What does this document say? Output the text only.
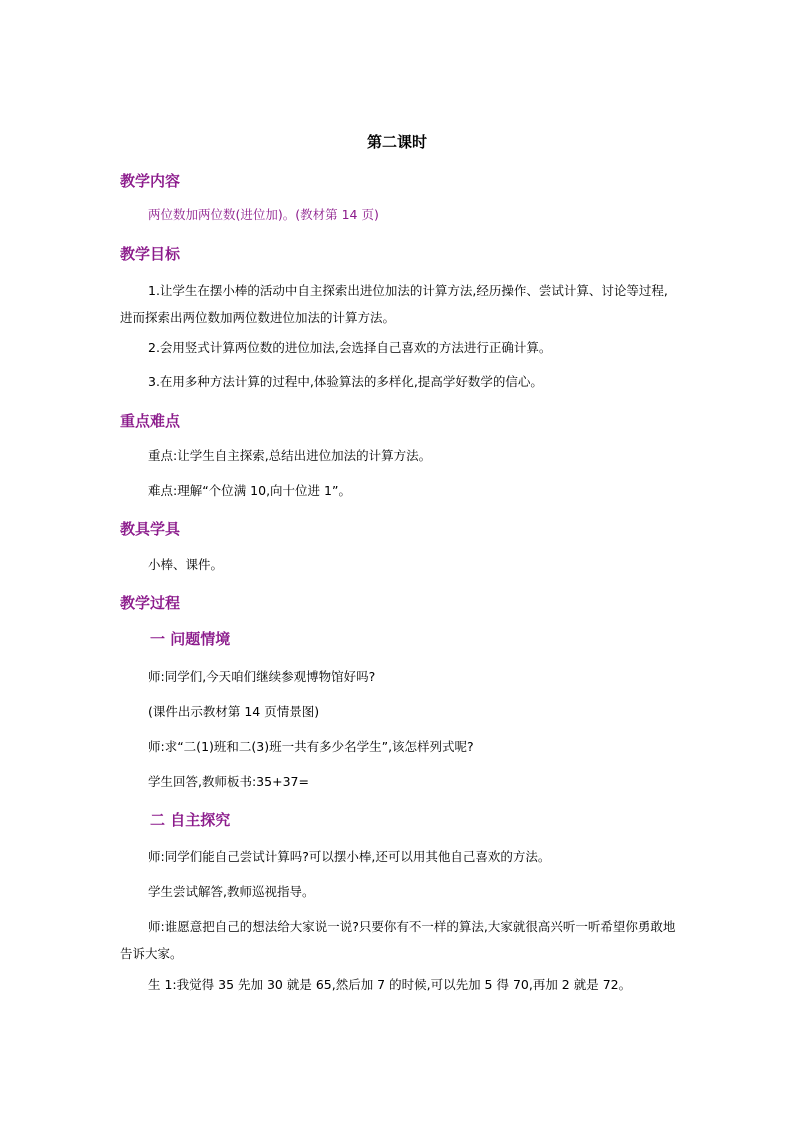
第二课时
教学内容
两位数加两位数(进位加)。(教材第 14 页)
教学目标
1.让学生在摆小棒的活动中自主探索出进位加法的计算方法,经历操作、尝试计算、讨论等过程,进而探索出两位数加两位数进位加法的计算方法。
2.会用竖式计算两位数的进位加法,会选择自己喜欢的方法进行正确计算。
3.在用多种方法计算的过程中,体验算法的多样化,提高学好数学的信心。
重点难点
重点:让学生自主探索,总结出进位加法的计算方法。
难点:理解“个位满 10,向十位进 1”。
教具学具
小棒、课件。
教学过程
一 问题情境
师:同学们,今天咱们继续参观博物馆好吗?
(课件出示教材第 14 页情景图)
师:求“二(1)班和二(3)班一共有多少名学生”,该怎样列式呢?
学生回答,教师板书:35+37=
二 自主探究
师:同学们能自己尝试计算吗?可以摆小棒,还可以用其他自己喜欢的方法。
学生尝试解答,教师巡视指导。
师:谁愿意把自己的想法给大家说一说?只要你有不一样的算法,大家就很高兴听一听希望你勇敢地告诉大家。
生 1:我觉得 35 先加 30 就是 65,然后加 7 的时候,可以先加 5 得 70,再加 2 就是 72。
